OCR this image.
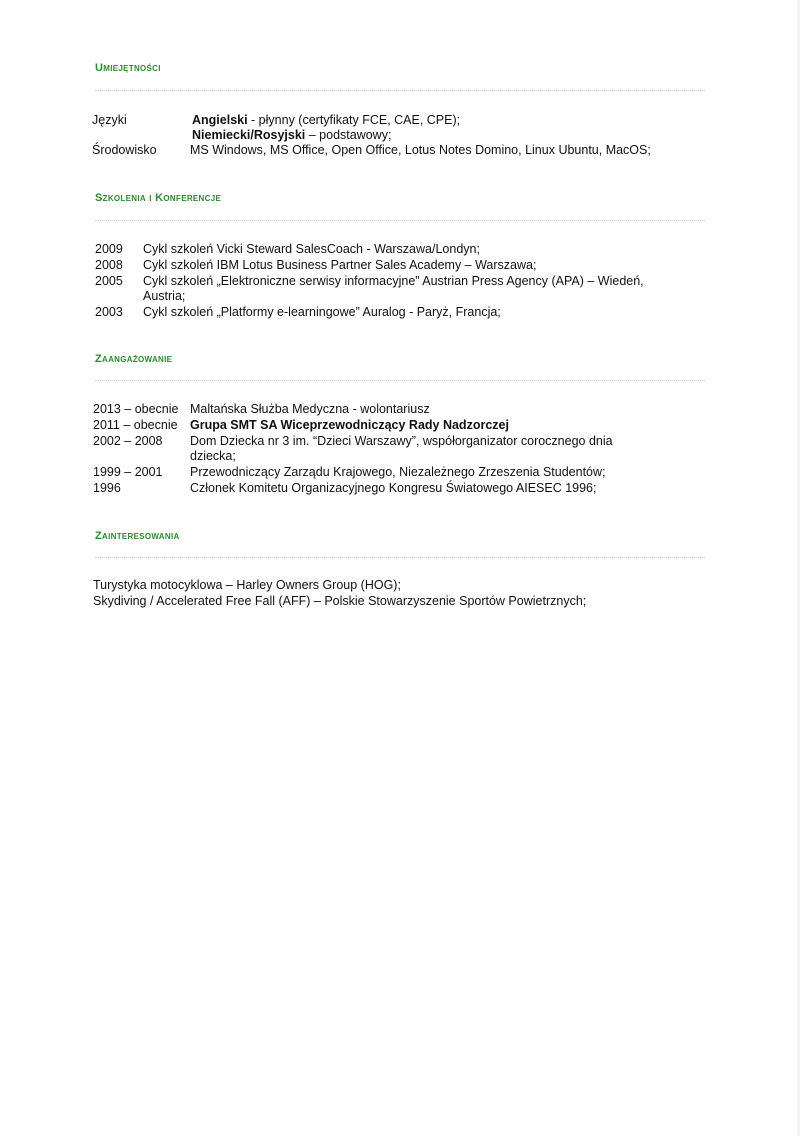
Umiejętności
Języki	Angielski - płynny (certyfikaty FCE, CAE, CPE);
Niemiecki/Rosyjski – podstawowy;
Środowisko	MS Windows, MS Office, Open Office, Lotus Notes Domino, Linux Ubuntu, MacOS;
Szkolenia i Konferencje
2009 Cykl szkoleń Vicki Steward SalesCoach - Warszawa/Londyn;
2008 Cykl szkoleń IBM Lotus Business Partner Sales Academy – Warszawa;
2005 Cykl szkoleń „Elektroniczne serwisy informacyjne” Austrian Press Agency (APA) – Wiedeń,
Austria;
2003 Cykl szkoleń „Platformy e-learningowe” Auralog - Paryż, Francja;
Zaangażowanie
2013 – obecnie Maltańska Służba Medyczna - wolontariusz
2011 – obecnie Grupa SMT SA Wiceprzewodniczący Rady Nadzorczej
2002 – 2008 Dom Dziecka nr 3 im. “Dzieci Warszawy”, współorganizator corocznego dnia
dziecka;
1999 – 2001 Przewodniczący Zarządu Krajowego, Niezależnego Zrzeszenia Studentów;
1996	Członek Komitetu Organizacyjnego Kongresu Światowego AIESEC 1996;
Zainteresowania
Turystyka motocyklowa – Harley Owners Group (HOG);
Skydiving / Accelerated Free Fall (AFF) – Polskie Stowarzyszenie Sportów Powietrznych;
